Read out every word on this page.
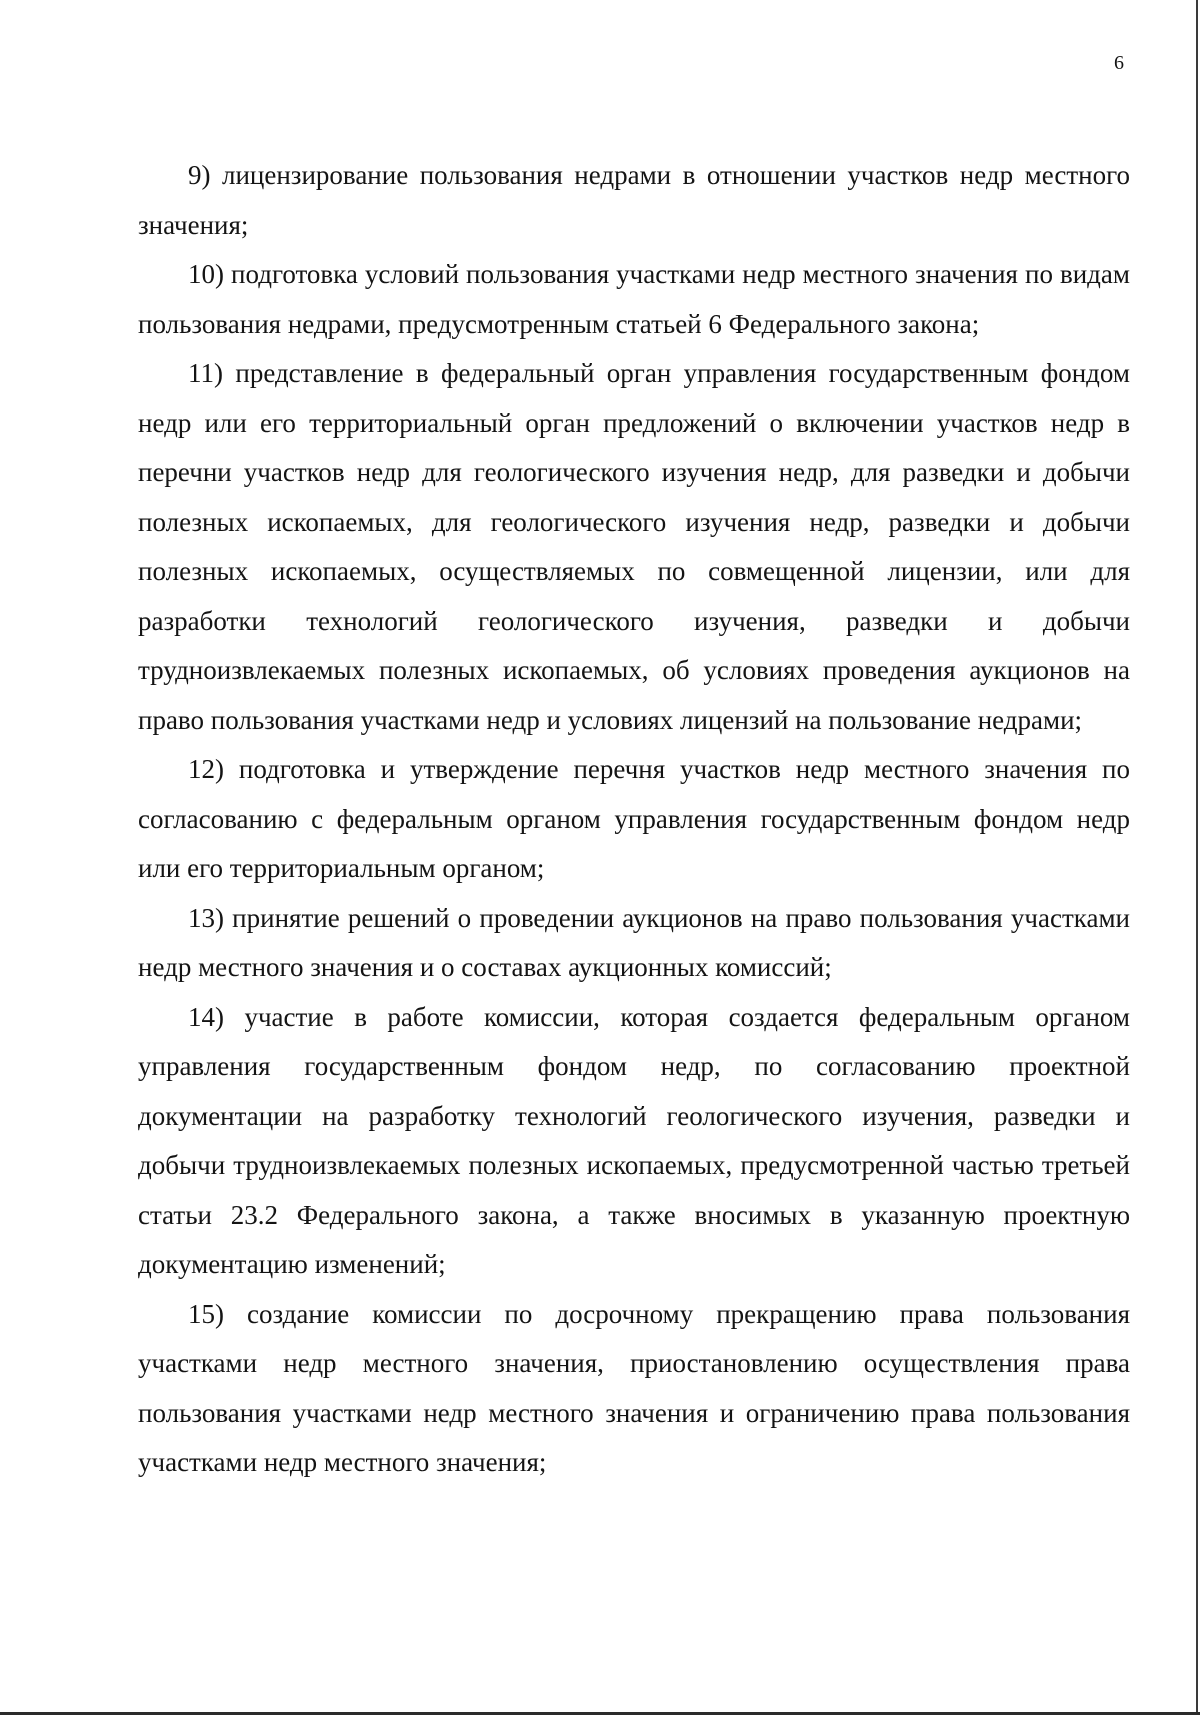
6

9) лицензирование пользования недрами в отношении участков недр местного значения;

10) подготовка условий пользования участками недр местного значения по видам пользования недрами, предусмотренным статьей 6 Федерального закона;

11) представление в федеральный орган управления государственным фондом недр или его территориальный орган предложений о включении участков недр в перечни участков недр для геологического изучения недр, для разведки и добычи полезных ископаемых, для геологического изучения недр, разведки и добычи полезных ископаемых, осуществляемых по совмещенной лицензии, или для разработки технологий геологического изучения, разведки и добычи трудноизвлекаемых полезных ископаемых, об условиях проведения аукционов на право пользования участками недр и условиях лицензий на пользование недрами;

12) подготовка и утверждение перечня участков недр местного значения по согласованию с федеральным органом управления государственным фондом недр или его территориальным органом;

13) принятие решений о проведении аукционов на право пользования участками недр местного значения и о составах аукционных комиссий;

14) участие в работе комиссии, которая создается федеральным органом управления государственным фондом недр, по согласованию проектной документации на разработку технологий геологического изучения, разведки и добычи трудноизвлекаемых полезных ископаемых, предусмотренной частью третьей статьи 23.2 Федерального закона, а также вносимых в указанную проектную документацию изменений;

15) создание комиссии по досрочному прекращению права пользования участками недр местного значения, приостановлению осуществления права пользования участками недр местного значения и ограничению права пользования участками недр местного значения;
